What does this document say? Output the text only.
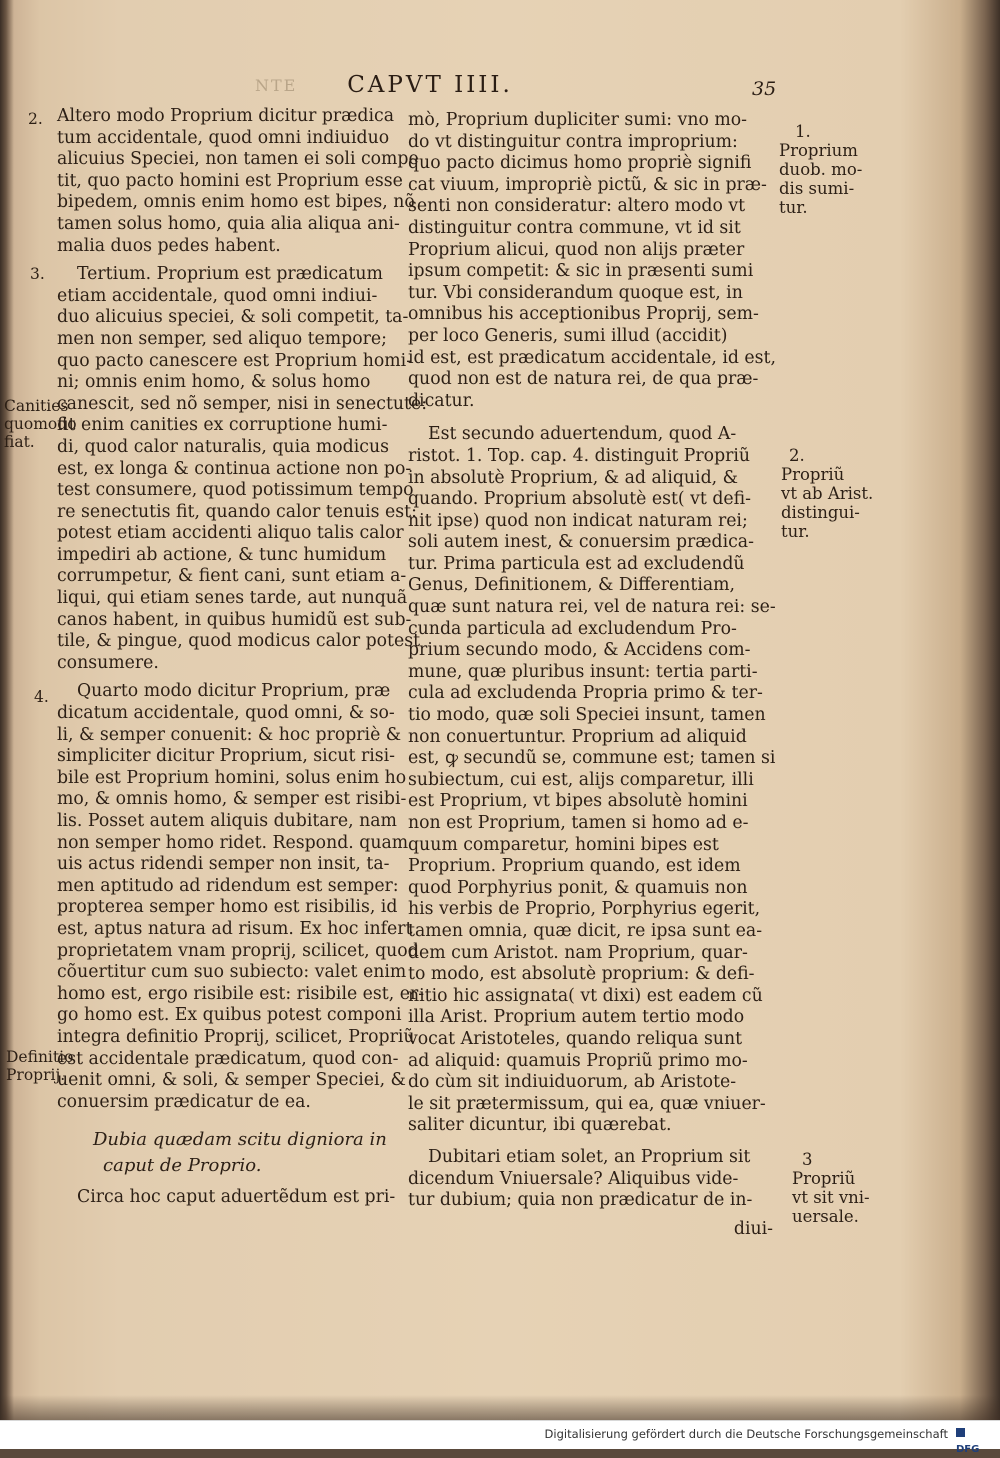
NTE	CAPVT IIII.	35

Altero modo Proprium dicitur prædica
tum accidentale, quod omni indiuiduo
alicuius Speciei, non tamen ei soli compe
tit, quo pacto homini est Proprium esse
bipedem, omnis enim homo est bipes, nõ
tamen solus homo, quia alia aliqua ani-
malia duos pedes habent.

Tertium. Proprium est prædicatum
etiam accidentale, quod omni indiui-
duo alicuius speciei, & soli competit, ta-
men non semper, sed aliquo tempore;
quo pacto canescere est Proprium homi-
ni; omnis enim homo, & solus homo
canescit, sed nõ semper, nisi in senectute:
fit enim canities ex corruptione humi-
di, quod calor naturalis, quia modicus
est, ex longa & continua actione non po-
test consumere, quod potissimum tempo
re senectutis fit, quando calor tenuis est:
potest etiam accidenti aliquo talis calor
impediri ab actione, & tunc humidum
corrumpetur, & fient cani, sunt etiam a-
liqui, qui etiam senes tarde, aut nunquã
canos habent, in quibus humidũ est sub-
tile, & pingue, quod modicus calor potest
consumere.

Quarto modo dicitur Proprium, præ
dicatum accidentale, quod omni, & so-
li, & semper conuenit: & hoc propriè &
simpliciter dicitur Proprium, sicut risi-
bile est Proprium homini, solus enim ho
mo, & omnis homo, & semper est risibi-
lis. Posset autem aliquis dubitare, nam
non semper homo ridet. Respond. quam
uis actus ridendi semper non insit, ta-
men aptitudo ad ridendum est semper:
propterea semper homo est risibilis, id
est, aptus natura ad risum. Ex hoc infert
proprietatem vnam proprij, scilicet, quod
cõuertitur cum suo subiecto: valet enim
homo est, ergo risibile est: risibile est, er-
go homo est. Ex quibus potest componi
integra definitio Proprij, scilicet, Propriũ
est accidentale prædicatum, quod con-
uenit omni, & soli, & semper Speciei, &
conuersim prædicatur de ea.

Dubia quædam scitu digniora in
caput de Proprio.
Circa hoc caput aduertẽdum est pri-
2.
3.
4.
Canities
quomodo
fiat.
Definitio
Proprij.

mò, Proprium dupliciter sumi: vno mo-
do vt distinguitur contra improprium:
quo pacto dicimus homo propriè signifi
cat viuum, impropriè pictũ, & sic in præ-
senti non consideratur: altero modo vt
distinguitur contra commune, vt id sit
Proprium alicui, quod non alijs præter
ipsum competit: & sic in præsenti sumi
tur. Vbi considerandum quoque est, in
omnibus his acceptionibus Proprij, sem-
per loco Generis, sumi illud (accidit)
id est, est prædicatum accidentale, id est,
quod non est de natura rei, de qua præ-
dicatur.

Est secundo aduertendum, quod A-
ristot. 1. Top. cap. 4. distinguit Propriũ
in absolutè Proprium, & ad aliquid, &
quando. Proprium absolutè est( vt defi-
nit ipse) quod non indicat naturam rei;
soli autem inest, & conuersim prædica-
tur. Prima particula est ad excludendũ
Genus, Definitionem, & Differentiam,
quæ sunt natura rei, vel de natura rei: se-
cunda particula ad excludendum Pro-
prium secundo modo, & Accidens com-
mune, quæ pluribus insunt: tertia parti-
cula ad excludenda Propria primo & ter-
tio modo, quæ soli Speciei insunt, tamen
non conuertuntur. Proprium ad aliquid
est, ꝙ secundũ se, commune est; tamen si
subiectum, cui est, alijs comparetur, illi
est Proprium, vt bipes absolutè homini
non est Proprium, tamen si homo ad e-
quum comparetur, homini bipes est
Proprium. Proprium quando, est idem
quod Porphyrius ponit, & quamuis non
his verbis de Proprio, Porphyrius egerit,
tamen omnia, quæ dicit, re ipsa sunt ea-
dem cum Aristot. nam Proprium, quar-
to modo, est absolutè proprium: & defi-
nitio hic assignata( vt dixi) est eadem cũ
illa Arist. Proprium autem tertio modo
vocat Aristoteles, quando reliqua sunt
ad aliquid: quamuis Propriũ primo mo-
do cùm sit indiuiduorum, ab Aristote-
le sit prætermissum, qui ea, quæ vniuer-
saliter dicuntur, ibi quærebat.

Dubitari etiam solet, an Proprium sit
dicendum Vniuersale? Aliquibus vide-
tur dubium; quia non prædicatur de in-

diui-
1.
Proprium
duob. mo-
dis sumi-
tur.
2.
Propriũ
vt ab Arist.
distingui-
tur.
3
Propriũ
vt sit vni-
uersale.
Digitalisierung gefördert durch die Deutsche Forschungsgemeinschaft
DFG
